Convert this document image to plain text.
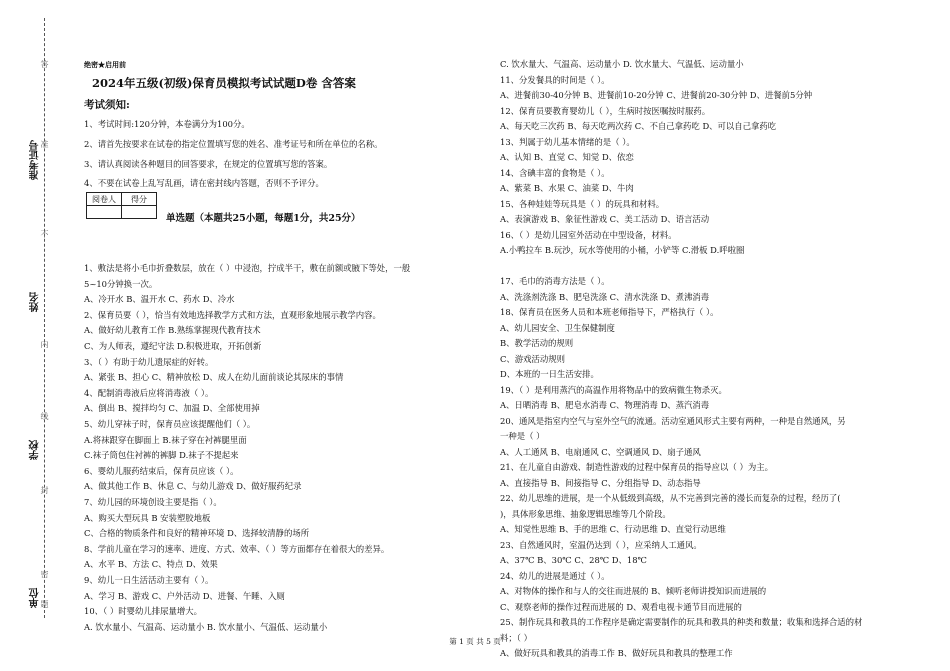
准考证号
姓名
学校
单位
答
准
不
内
线
封
密
题
绝密★启用前
2024年五级(初级)保育员模拟考试试题D卷 含答案
考试须知:
1、考试时间:120分钟，本卷满分为100分。
2、请首先按要求在试卷的指定位置填写您的姓名、准考证号和所在单位的名称。
3、请认真阅读各种题目的回答要求，在规定的位置填写您的答案。
4、不要在试卷上乱写乱画，请在密封线内答题，否则不予评分。
阅卷人	得分

单选题（本题共25小题，每题1分，共25分）
1、敷法是将小毛巾折叠数层，放在（ ）中浸泡，拧成半干，敷在前额或腋下等处，一般
5~10分钟换一次。
A、冷开水 B、温开水 C、药水 D、冷水
2、保育员要（ ），恰当有效地选择教学方式和方法，直观形象地展示教学内容。
A、做好幼儿教育工作 B.熟练掌握现代教育技术
C、为人师表，遵纪守法 D.积极进取，开拓创新
3、（ ）有助于幼儿遗尿症的好转。
A、紧张 B、担心 C、精神放松 D、成人在幼儿面前谈论其尿床的事情
4、配制消毒液后应将消毒液（ ）。
A、倒出 B、搅拌均匀 C、加温 D、全部使用掉
5、幼儿穿袜子时，保育员应该提醒他们（ ）。
A.将袜跟穿在脚面上 B.袜子穿在衬裤腿里面
C.袜子筒包住衬裤的裤脚 D.袜子不提起来
6、婴幼儿服药结束后，保育员应该（ ）。
A、做其他工作 B、休息 C、与幼儿游戏 D、做好服药纪录
7、幼儿园的环境创设主要是指（ ）。
A、购买大型玩具 B 安装塑胶地板
C、合格的物质条件和良好的精神环境 D、选择较清静的场所
8、学前儿童在学习的速率、进度、方式、效率、（ ）等方面都存在着很大的差异。
A、水平 B、方法 C、特点 D、效果
9、幼儿一日生活活动主要有（ ）。
A、学习 B、游戏 C、户外活动 D、进餐、午睡、入厕
10、（ ）时婴幼儿排尿量增大。
A. 饮水量小、气温高、运动量小 B. 饮水量小、气温低、运动量小
C. 饮水量大、气温高、运动量小 D. 饮水量大、气温低、运动量小
11、分发餐具的时间是（ ）。
A、进餐前30-40分钟 B、进餐前10-20分钟 C、进餐前20-30分钟 D、进餐前5分钟
12、保育员要教育婴幼儿（ ），生病时按医嘱按时服药。
A、每天吃三次药 B、每天吃两次药 C、不自己拿药吃 D、可以自己拿药吃
13、判属于幼儿基本情绪的是（ ）。
A、认知 B、直觉 C、知觉 D、依恋
14、含碘丰富的食物是（ ）。
A、紫菜 B、水果 C、油菜 D、牛肉
15、各种娃娃等玩具是（ ）的玩具和材料。
A、表演游戏 B、象征性游戏 C、美工活动 D、语言活动
16、（ ）是幼儿园室外活动在中型设备，材料。
A.小鸭拉车 B.玩沙，玩水等使用的小桶，小铲等 C.滑板 D.呼啦圈
17、毛巾的消毒方法是（ ）。
A、洗涤剂洗涤 B、肥皂洗涤 C、清水洗涤 D、煮沸消毒
18、保育员在医务人员和本班老师指导下，严格执行（ ）。
A、幼儿园安全、卫生保健制度
B、教学活动的规则
C、游戏活动规则
D、本班的一日生活安排。
19、（ ）是利用蒸汽的高温作用将物品中的致病微生物杀灭。
A、日晒消毒 B、肥皂水消毒 C、物理消毒 D、蒸汽消毒
20、通风是指室内空气与室外空气的流通。活动室通风形式主要有两种，一种是自然通风，另
一种是（ ）
A、人工通风 B、电扇通风 C、空调通风 D、扇子通风
21、在儿童自由游戏、制造性游戏的过程中保育员的指导应以（ ）为主。
A、直接指导 B、间接指导 C、分组指导 D、动态指导
22、幼儿思维的进展，是一个从低级到高级，从不完善到完善的漫长而复杂的过程，经历了(
)，具体形象思维、抽象逻辑思维等几个阶段。
A、知觉性思维 B、手的思维 C、行动思维 D、直觉行动思维
23、自然通风时，室温仍达到（ ），应采纳人工通风。
A、37℃ B、30℃ C、28℃ D、18℃
24、幼儿的进展是通过（ ）。
A、对物体的操作和与人的交往而进展的 B、倾听老师讲授知识而进展的
C、观察老师的操作过程而进展的 D、观看电视卡通节目而进展的
25、制作玩具和教具的工作程序是确定需要制作的玩具和教具的种类和数量；收集和选择合适的材
料；（ ）
A、做好玩具和教具的消毒工作 B、做好玩具和教具的整理工作
第 1 页 共 5 页
